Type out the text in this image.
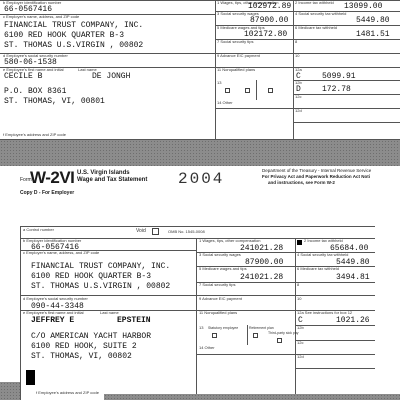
b Employer identification number
66-0567416
c Employer's name, address, and ZIP code
FINANCIAL TRUST COMPANY, INC.
6100 RED HOOK QUARTER B-3
ST. THOMAS U.S.VIRGIN , 00802
d Employee's social security number
580-06-1538
e Employee's first name and initial	Last name
CECILE B	DE JONGH
P.O. BOX 8361
ST. THOMAS, VI, 00801
f Employee's address and ZIP code
1 Wages, tips, other compensation
102972.89 2 Income tax withheld 13099.00
3 Social security wages
87900.00
4 Social security tax withheld
5449.80
5 Medicare wages and tips
102172.80
6 Medicare tax withheld
1481.51
7 Social security tips	8
9 Advance EIC payment	10
11 Nonqualified plans	12a
C	5099.91
13	12b
D	172.78
14 Other
12c
12d
Form
W-2VI U.S. Virgin Islands
Wage and Tax Statement 2004	Department of the Treasury - Internal Revenue Service
For Privacy Act and Paperwork Reduction Act Noti
and instructions, see Form W-2
Copy D - For Employer
a Control number	Void	OMB No. 1545-0008
b Employer identification number
66-0567416
c Employer's name, address, and ZIP code
FINANCIAL TRUST COMPANY, INC.
6100 RED HOOK QUARTER B-3
ST. THOMAS U.S.VIRGIN , 00802
d Employee's social security number
090-44-3348
e Employee's first name and initial	Last name
JEFFREY E	EPSTEIN
C/O AMERICAN YACHT HARBOR
6100 RED HOOK, SUITE 2
ST. THOMAS, VI, 00802
f Employee's address and ZIP code
1 Wages, tips, other compensation
241021.28
2 Income tax withheld
65684.00
3 Social security wages
87900.00
4 Social security tax withheld
5449.80
5 Medicare wages and tips
241021.28
6 Medicare tax withheld
3494.81
7 Social security tips	8
9 Advance EIC payment	10
11 Nonqualified plans	12a See instructions for box 12
C	1021.26
13 Statutory employee	Retirement plan
Third-party sick pay
12b
14 Other
12c
12d
